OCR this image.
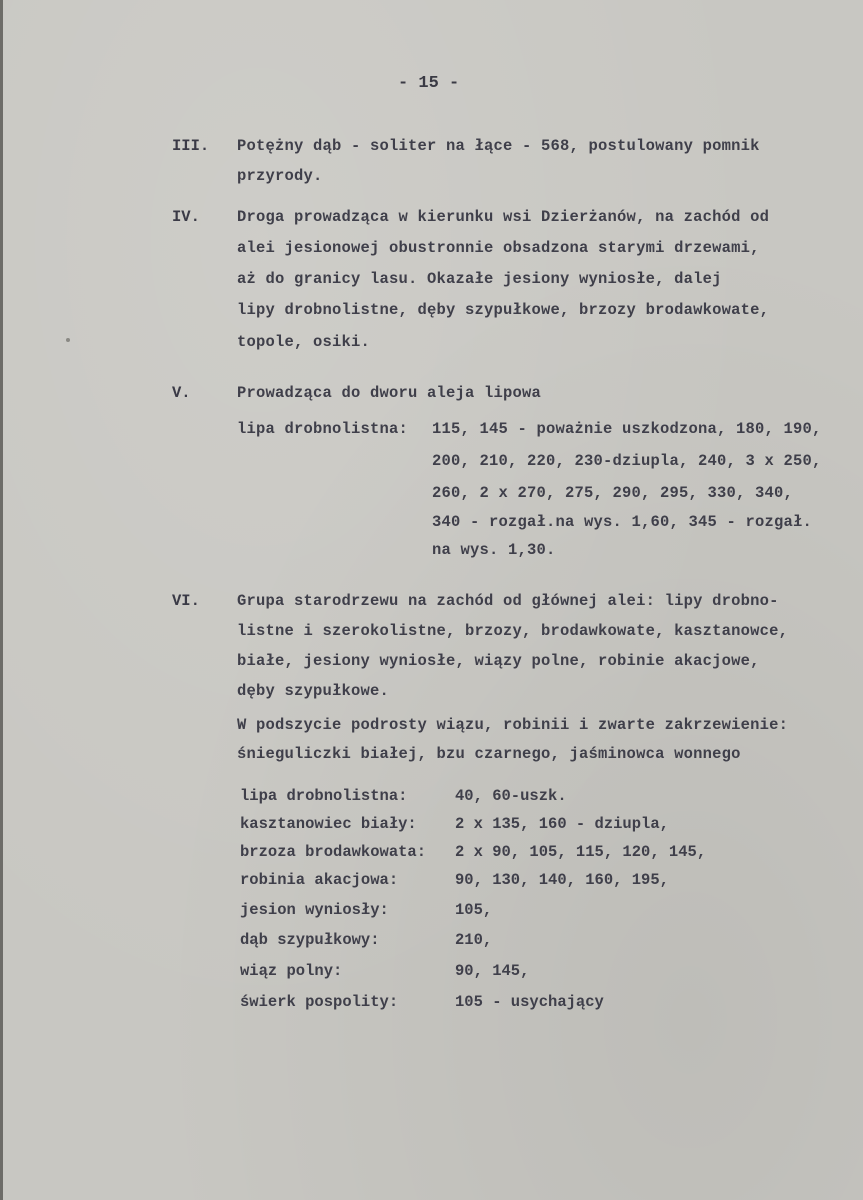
- 15 -
III. Potężny dąb - soliter na łące - 568, postulowany pomnik
przyrody.
IV. Droga prowadząca w kierunku wsi Dzierżanów, na zachód od
alei jesionowej obustronnie obsadzona starymi drzewami,
aż do granicy lasu. Okazałe jesiony wyniosłe, dalej
lipy drobnolistne, dęby szypułkowe, brzozy brodawkowate,
topole, osiki.
V.	Prowadząca do dworu aleja lipowa
lipa drobnolistna: 115, 145 - poważnie uszkodzona, 180, 190,
200, 210, 220, 230-dziupla, 240, 3 x 250,
260, 2 x 270, 275, 290, 295, 330, 340,
340 - rozgał.na wys. 1,60, 345 - rozgał.
na wys. 1,30.
VI. Grupa starodrzewu na zachód od głównej alei: lipy drobno-
listne i szerokolistne, brzozy, brodawkowate, kasztanowce,
białe, jesiony wyniosłe, wiązy polne, robinie akacjowe,
dęby szypułkowe.
W podszycie podrosty wiązu, robinii i zwarte zakrzewienie:
śnieguliczki białej, bzu czarnego, jaśminowca wonnego
lipa drobnolistna:	40, 60-uszk.
kasztanowiec biały: 2 x 135, 160 - dziupla,
brzoza brodawkowata: 2 x 90, 105, 115, 120, 145,
robinia akacjowa:	90, 130, 140, 160, 195,
jesion wyniosły:	105,
dąb szypułkowy:	210,
wiąz polny:	90, 145,
świerk pospolity:	105 - usychający
